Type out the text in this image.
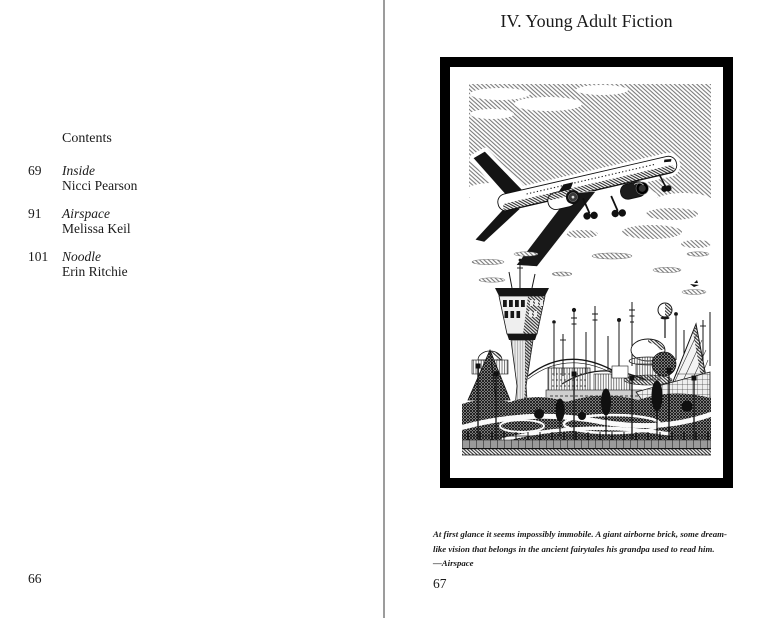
Contents
69	Inside
Nicci Pearson
91	Airspace
Melissa Keil
101	Noodle
Erin Ritchie
66
IV. Young Adult Fiction
At first glance it seems impossibly immobile. A giant airborne brick, some dream-
like vision that belongs in the ancient fairytales his grandpa used to read him.
—Airspace
67
